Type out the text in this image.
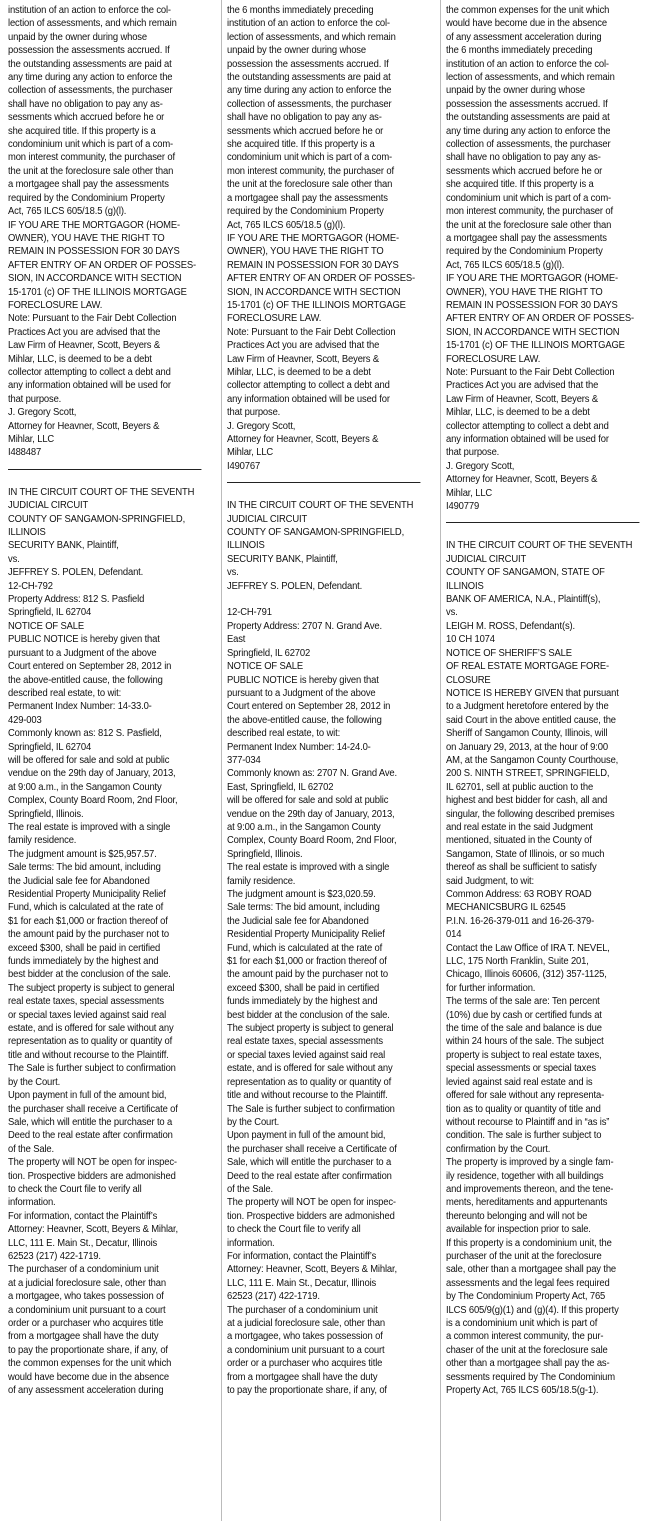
institution of an action to enforce the col-
lection of assessments, and which remain
unpaid by the owner during whose
possession the assessments accrued. If
the outstanding assessments are paid at
any time during any action to enforce the
collection of assessments, the purchaser
shall have no obligation to pay any as-
sessments which accrued before he or
she acquired title. If this property is a
condominium unit which is part of a com-
mon interest community, the purchaser of
the unit at the foreclosure sale other than
a mortgagee shall pay the assessments
required by the Condominium Property
Act, 765 ILCS 605/18.5 (g)(l).
IF YOU ARE THE MORTGAGOR (HOME-
OWNER), YOU HAVE THE RIGHT TO
REMAIN IN POSSESSION FOR 30 DAYS
AFTER ENTRY OF AN ORDER OF POSSES-
SION, IN ACCORDANCE WITH SECTION
15-1701 (c) OF THE ILLINOIS MORTGAGE
FORECLOSURE LAW.
Note: Pursuant to the Fair Debt Collection
Practices Act you are advised that the
Law Firm of Heavner, Scott, Beyers &
Mihlar, LLC, is deemed to be a debt
collector attempting to collect a debt and
any information obtained will be used for
that purpose.
J. Gregory Scott,
Attorney for Heavner, Scott, Beyers &
Mihlar, LLC
I488487

IN THE CIRCUIT COURT OF THE SEVENTH
JUDICIAL CIRCUIT
COUNTY OF SANGAMON-SPRINGFIELD,
ILLINOIS
SECURITY BANK, Plaintiff,
vs.
JEFFREY S. POLEN, Defendant.
12-CH-792
Property Address: 812 S. Pasfield
Springfield, IL 62704
NOTICE OF SALE
PUBLIC NOTICE is hereby given that
pursuant to a Judgment of the above
Court entered on September 28, 2012 in
the above-entitled cause, the following
described real estate, to wit:
Permanent Index Number: 14-33.0-
429-003
Commonly known as: 812 S. Pasfield,
Springfield, IL 62704
will be offered for sale and sold at public
vendue on the 29th day of January, 2013,
at 9:00 a.m., in the Sangamon County
Complex, County Board Room, 2nd Floor,
Springfield, Illinois.
The real estate is improved with a single
family residence.
The judgment amount is $25,957.57.
Sale terms: The bid amount, including
the Judicial sale fee for Abandoned
Residential Property Municipality Relief
Fund, which is calculated at the rate of
$1 for each $1,000 or fraction thereof of
the amount paid by the purchaser not to
exceed $300, shall be paid in certified
funds immediately by the highest and
best bidder at the conclusion of the sale.
The subject property is subject to general
real estate taxes, special assessments
or special taxes levied against said real
estate, and is offered for sale without any
representation as to quality or quantity of
title and without recourse to the Plaintiff.
The Sale is further subject to confirmation
by the Court.
Upon payment in full of the amount bid,
the purchaser shall receive a Certificate of
Sale, which will entitle the purchaser to a
Deed to the real estate after confirmation
of the Sale.
The property will NOT be open for inspec-
tion. Prospective bidders are admonished
to check the Court file to verify all
information.
For information, contact the Plaintiff’s
Attorney: Heavner, Scott, Beyers & Mihlar,
LLC, 111 E. Main St., Decatur, Illinois
62523 (217) 422-1719.
The purchaser of a condominium unit
at a judicial foreclosure sale, other than
a mortgagee, who takes possession of
a condominium unit pursuant to a court
order or a purchaser who acquires title
from a mortgagee shall have the duty
to pay the proportionate share, if any, of
the common expenses for the unit which
would have become due in the absence
of any assessment acceleration during

the 6 months immediately preceding
institution of an action to enforce the col-
lection of assessments, and which remain
unpaid by the owner during whose
possession the assessments accrued. If
the outstanding assessments are paid at
any time during any action to enforce the
collection of assessments, the purchaser
shall have no obligation to pay any as-
sessments which accrued before he or
she acquired title. If this property is a
condominium unit which is part of a com-
mon interest community, the purchaser of
the unit at the foreclosure sale other than
a mortgagee shall pay the assessments
required by the Condominium Property
Act, 765 ILCS 605/18.5 (g)(l).
IF YOU ARE THE MORTGAGOR (HOME-
OWNER), YOU HAVE THE RIGHT TO
REMAIN IN POSSESSION FOR 30 DAYS
AFTER ENTRY OF AN ORDER OF POSSES-
SION, IN ACCORDANCE WITH SECTION
15-1701 (c) OF THE ILLINOIS MORTGAGE
FORECLOSURE LAW.
Note: Pursuant to the Fair Debt Collection
Practices Act you are advised that the
Law Firm of Heavner, Scott, Beyers &
Mihlar, LLC, is deemed to be a debt
collector attempting to collect a debt and
any information obtained will be used for
that purpose.
J. Gregory Scott,
Attorney for Heavner, Scott, Beyers &
Mihlar, LLC
I490767

IN THE CIRCUIT COURT OF THE SEVENTH
JUDICIAL CIRCUIT
COUNTY OF SANGAMON-SPRINGFIELD,
ILLINOIS
SECURITY BANK, Plaintiff,
vs.
JEFFREY S. POLEN, Defendant.

12-CH-791
Property Address: 2707 N. Grand Ave.
East
Springfield, IL 62702
NOTICE OF SALE
PUBLIC NOTICE is hereby given that
pursuant to a Judgment of the above
Court entered on September 28, 2012 in
the above-entitled cause, the following
described real estate, to wit:
Permanent Index Number: 14-24.0-
377-034
Commonly known as: 2707 N. Grand Ave.
East, Springfield, IL 62702
will be offered for sale and sold at public
vendue on the 29th day of January, 2013,
at 9:00 a.m., in the Sangamon County
Complex, County Board Room, 2nd Floor,
Springfield, Illinois.
The real estate is improved with a single
family residence.
The judgment amount is $23,020.59.
Sale terms: The bid amount, including
the Judicial sale fee for Abandoned
Residential Property Municipality Relief
Fund, which is calculated at the rate of
$1 for each $1,000 or fraction thereof of
the amount paid by the purchaser not to
exceed $300, shall be paid in certified
funds immediately by the highest and
best bidder at the conclusion of the sale.
The subject property is subject to general
real estate taxes, special assessments
or special taxes levied against said real
estate, and is offered for sale without any
representation as to quality or quantity of
title and without recourse to the Plaintiff.
The Sale is further subject to confirmation
by the Court.
Upon payment in full of the amount bid,
the purchaser shall receive a Certificate of
Sale, which will entitle the purchaser to a
Deed to the real estate after confirmation
of the Sale.
The property will NOT be open for inspec-
tion. Prospective bidders are admonished
to check the Court file to verify all
information.
For information, contact the Plaintiff’s
Attorney: Heavner, Scott, Beyers & Mihlar,
LLC, 111 E. Main St., Decatur, Illinois
62523 (217) 422-1719.
The purchaser of a condominium unit
at a judicial foreclosure sale, other than
a mortgagee, who takes possession of
a condominium unit pursuant to a court
order or a purchaser who acquires title
from a mortgagee shall have the duty
to pay the proportionate share, if any, of

the common expenses for the unit which
would have become due in the absence
of any assessment acceleration during
the 6 months immediately preceding
institution of an action to enforce the col-
lection of assessments, and which remain
unpaid by the owner during whose
possession the assessments accrued. If
the outstanding assessments are paid at
any time during any action to enforce the
collection of assessments, the purchaser
shall have no obligation to pay any as-
sessments which accrued before he or
she acquired title. If this property is a
condominium unit which is part of a com-
mon interest community, the purchaser of
the unit at the foreclosure sale other than
a mortgagee shall pay the assessments
required by the Condominium Property
Act, 765 ILCS 605/18.5 (g)(l).
IF YOU ARE THE MORTGAGOR (HOME-
OWNER), YOU HAVE THE RIGHT TO
REMAIN IN POSSESSION FOR 30 DAYS
AFTER ENTRY OF AN ORDER OF POSSES-
SION, IN ACCORDANCE WITH SECTION
15-1701 (c) OF THE ILLINOIS MORTGAGE
FORECLOSURE LAW.
Note: Pursuant to the Fair Debt Collection
Practices Act you are advised that the
Law Firm of Heavner, Scott, Beyers &
Mihlar, LLC, is deemed to be a debt
collector attempting to collect a debt and
any information obtained will be used for
that purpose.
J. Gregory Scott,
Attorney for Heavner, Scott, Beyers &
Mihlar, LLC
I490779

IN THE CIRCUIT COURT OF THE SEVENTH
JUDICIAL CIRCUIT
COUNTY OF SANGAMON, STATE OF
ILLINOIS
BANK OF AMERICA, N.A., Plaintiff(s),
vs.
LEIGH M. ROSS, Defendant(s).
10 CH 1074
NOTICE OF SHERIFF’S SALE
OF REAL ESTATE MORTGAGE FORE-
CLOSURE
NOTICE IS HEREBY GIVEN that pursuant
to a Judgment heretofore entered by the
said Court in the above entitled cause, the
Sheriff of Sangamon County, Illinois, will
on January 29, 2013, at the hour of 9:00
AM, at the Sangamon County Courthouse,
200 S. NINTH STREET, SPRINGFIELD,
IL 62701, sell at public auction to the
highest and best bidder for cash, all and
singular, the following described premises
and real estate in the said Judgment
mentioned, situated in the County of
Sangamon, State of Illinois, or so much
thereof as shall be sufficient to satisfy
said Judgment, to wit:
Common Address: 63 ROBY ROAD
MECHANICSBURG IL 62545
P.I.N. 16-26-379-011 and 16-26-379-
014
Contact the Law Office of IRA T. NEVEL,
LLC, 175 North Franklin, Suite 201,
Chicago, Illinois 60606, (312) 357-1125,
for further information.
The terms of the sale are: Ten percent
(10%) due by cash or certified funds at
the time of the sale and balance is due
within 24 hours of the sale. The subject
property is subject to real estate taxes,
special assessments or special taxes
levied against said real estate and is
offered for sale without any representa-
tion as to quality or quantity of title and
without recourse to Plaintiff and in “as is”
condition. The sale is further subject to
confirmation by the Court.
The property is improved by a single fam-
ily residence, together with all buildings
and improvements thereon, and the tene-
ments, hereditaments and appurtenants
thereunto belonging and will not be
available for inspection prior to sale.
If this property is a condominium unit, the
purchaser of the unit at the foreclosure
sale, other than a mortgagee shall pay the
assessments and the legal fees required
by The Condominium Property Act, 765
ILCS 605/9(g)(1) and (g)(4). If this property
is a condominium unit which is part of
a common interest community, the pur-
chaser of the unit at the foreclosure sale
other than a mortgagee shall pay the as-
sessments required by The Condominium
Property Act, 765 ILCS 605/18.5(g-1).
